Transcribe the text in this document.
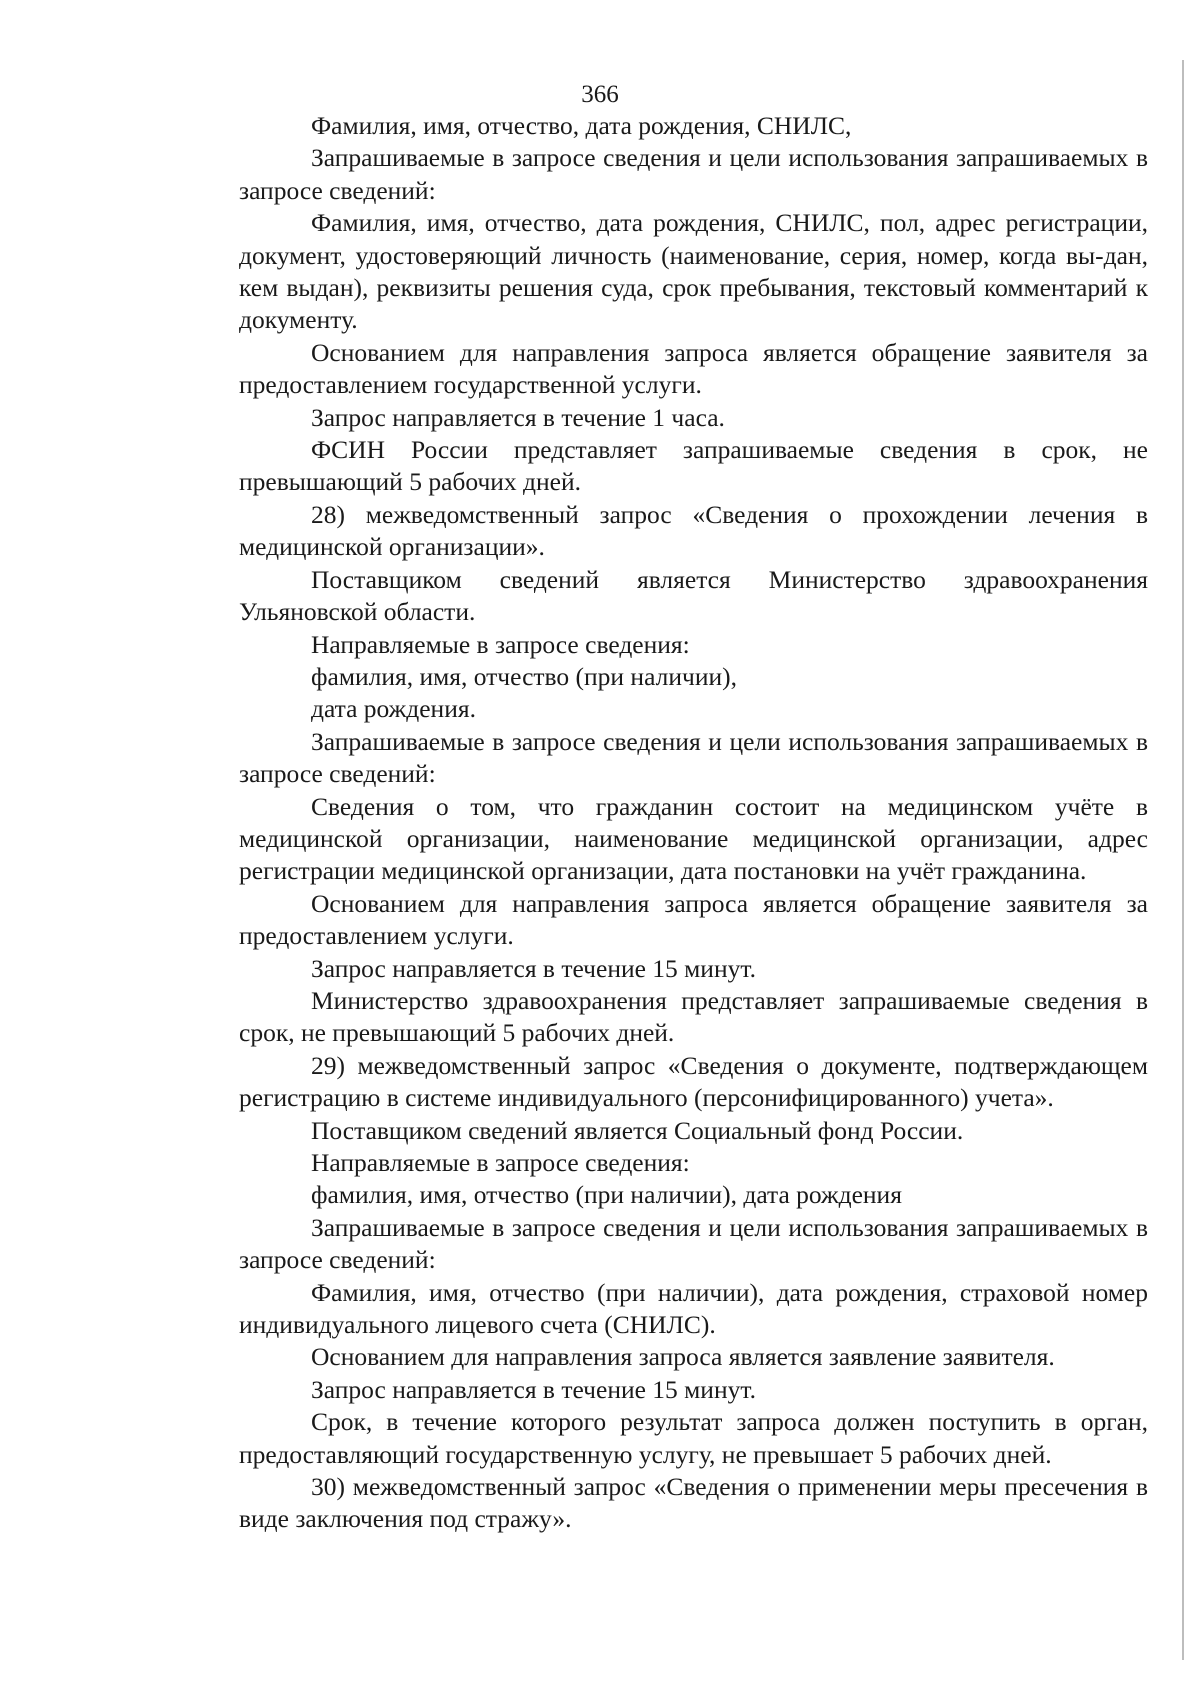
366

Фамилия, имя, отчество, дата рождения, СНИЛС,

Запрашиваемые в запросе сведения и цели использования запрашиваемых в запросе сведений:

Фамилия, имя, отчество, дата рождения, СНИЛС, пол, адрес регистрации, документ, удостоверяющий личность (наименование, серия, номер, когда вы-дан, кем выдан), реквизиты решения суда, срок пребывания, текстовый комментарий к документу.

Основанием для направления запроса является обращение заявителя за предоставлением государственной услуги.

Запрос направляется в течение 1 часа.

ФСИН России представляет запрашиваемые сведения в срок, не превышающий 5 рабочих дней.

28) межведомственный запрос «Сведения о прохождении лечения в медицинской организации».

Поставщиком сведений является Министерство здравоохранения Ульяновской области.

Направляемые в запросе сведения:

фамилия, имя, отчество (при наличии),

дата рождения.

Запрашиваемые в запросе сведения и цели использования запрашиваемых в запросе сведений:

Сведения о том, что гражданин состоит на медицинском учёте в медицинской организации, наименование медицинской организации, адрес регистрации медицинской организации, дата постановки на учёт гражданина.

Основанием для направления запроса является обращение заявителя за предоставлением услуги.

Запрос направляется в течение 15 минут.

Министерство здравоохранения представляет запрашиваемые сведения в срок, не превышающий 5 рабочих дней.

29) межведомственный запрос «Сведения о документе, подтверждающем регистрацию в системе индивидуального (персонифицированного) учета».

Поставщиком сведений является Социальный фонд России.

Направляемые в запросе сведения:

фамилия, имя, отчество (при наличии), дата рождения

Запрашиваемые в запросе сведения и цели использования запрашиваемых в запросе сведений:

Фамилия, имя, отчество (при наличии), дата рождения, страховой номер индивидуального лицевого счета (СНИЛС).

Основанием для направления запроса является заявление заявителя.

Запрос направляется в течение 15 минут.

Срок, в течение которого результат запроса должен поступить в орган, предоставляющий государственную услугу, не превышает 5 рабочих дней.

30) межведомственный запрос «Сведения о применении меры пресечения в виде заключения под стражу».
